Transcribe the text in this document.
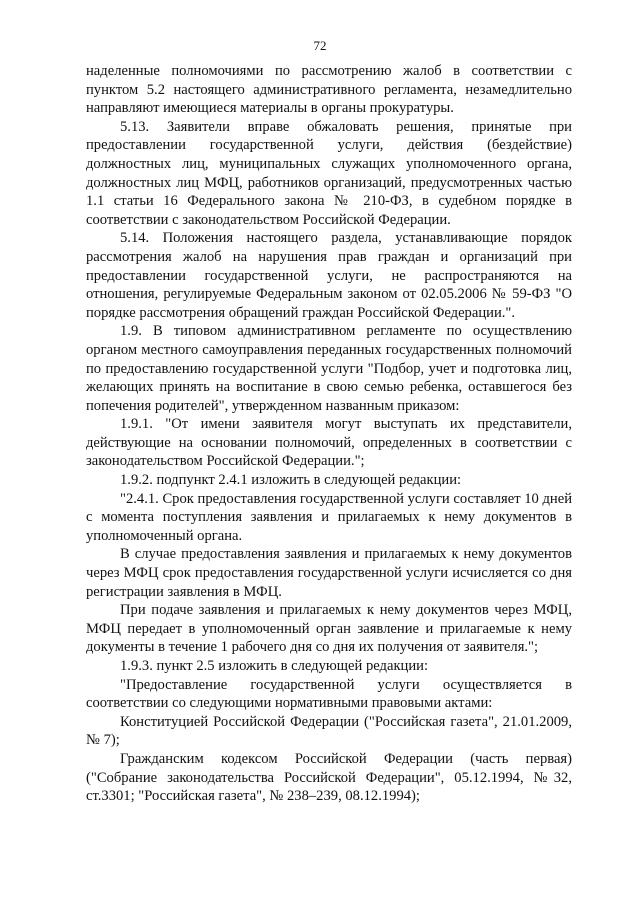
72

наделенные полномочиями по рассмотрению жалоб в соответствии с пунктом 5.2 настоящего административного регламента, незамедлительно направляют имеющиеся материалы в органы прокуратуры.

5.13. Заявители вправе обжаловать решения, принятые при предоставлении государственной услуги, действия (бездействие) должностных лиц, муниципальных служащих уполномоченного органа, должностных лиц МФЦ, работников организаций, предусмотренных частью 1.1 статьи 16 Федерального закона № 210-ФЗ, в судебном порядке в соответствии с законодательством Российской Федерации.

5.14. Положения настоящего раздела, устанавливающие порядок рассмотрения жалоб на нарушения прав граждан и организаций при предоставлении государственной услуги, не распространяются на отношения, регулируемые Федеральным законом от 02.05.2006 № 59-ФЗ "О порядке рассмотрения обращений граждан Российской Федерации.".

1.9. В типовом административном регламенте по осуществлению органом местного самоуправления переданных государственных полномочий по предоставлению государственной услуги "Подбор, учет и подготовка лиц, желающих принять на воспитание в свою семью ребенка, оставшегося без попечения родителей", утвержденном названным приказом:

1.9.1. "От имени заявителя могут выступать их представители, действующие на основании полномочий, определенных в соответствии с законодательством Российской Федерации.";

1.9.2. подпункт 2.4.1 изложить в следующей редакции:

"2.4.1. Срок предоставления государственной услуги составляет 10 дней с момента поступления заявления и прилагаемых к нему документов в уполномоченный органа.

В случае предоставления заявления и прилагаемых к нему документов через МФЦ срок предоставления государственной услуги исчисляется со дня регистрации заявления в МФЦ.

При подаче заявления и прилагаемых к нему документов через МФЦ, МФЦ передает в уполномоченный орган заявление и прилагаемые к нему документы в течение 1 рабочего дня со дня их получения от заявителя.";

1.9.3. пункт 2.5 изложить в следующей редакции:

"Предоставление государственной услуги осуществляется в соответствии со следующими нормативными правовыми актами:

Конституцией Российской Федерации ("Российская газета", 21.01.2009, № 7);

Гражданским кодексом Российской Федерации (часть первая) ("Собрание законодательства Российской Федерации", 05.12.1994, №32, ст.3301; "Российская газета", № 238–239, 08.12.1994);
